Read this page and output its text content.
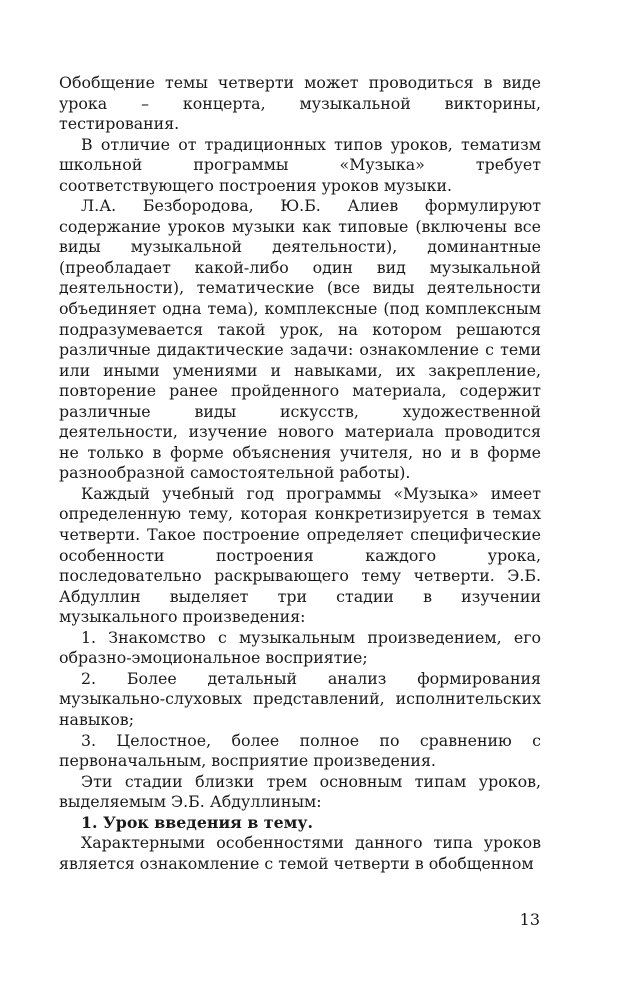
Обобщение темы четверти может проводиться в виде урока – концерта, музыкальной викторины, тестирования.

В отличие от традиционных типов уроков, тематизм школьной программы «Музыка» требует соответствующего построения уроков музыки.

Л.А. Безбородова, Ю.Б. Алиев формулируют содержание уроков музыки как типовые (включены все виды музыкальной деятельности), доминантные (преобладает какой-либо один вид музыкальной деятельности), тематические (все виды деятельности объединяет одна тема), комплексные (под комплексным подразумевается такой урок, на котором решаются различные дидактические задачи: ознакомление с теми или иными умениями и навыками, их закрепление, повторение ранее пройденного материала, содержит различные виды искусств, художественной деятельности, изучение нового материала проводится не только в форме объяснения учителя, но и в форме разнообразной самостоятельной работы).

Каждый учебный год программы «Музыка» имеет определенную тему, которая конкретизируется в темах четверти. Такое построение определяет специфические особенности построения каждого урока, последовательно раскрывающего тему четверти. Э.Б. Абдуллин выделяет три стадии в изучении музыкального произведения:

1. Знакомство с музыкальным произведением, его образно-эмоциональное восприятие;

2. Более детальный анализ формирования музыкально-слуховых представлений, исполнительских навыков;

3. Целостное, более полное по сравнению с первоначальным, восприятие произведения.

Эти стадии близки трем основным типам уроков, выделяемым Э.Б. Абдуллиным:

1. Урок введения в тему.

Характерными особенностями данного типа уроков является ознакомление с темой четверти в обобщенном

13
